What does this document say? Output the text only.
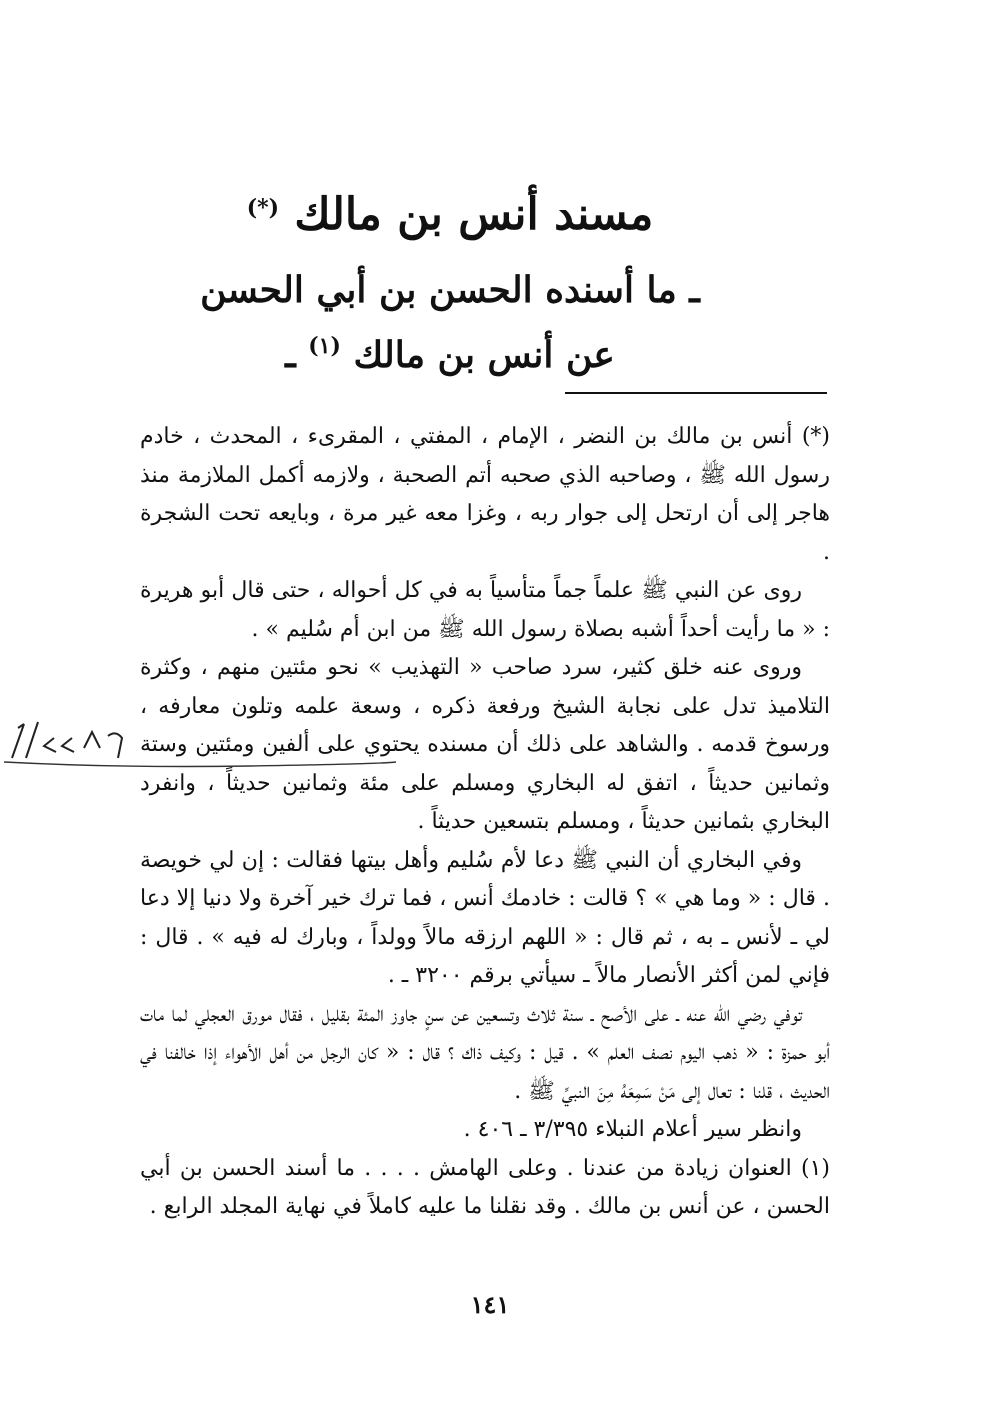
مسند أنس بن مالك (*)
ـ ما أسنده الحسن بن أبي الحسن
عن أنس بن مالك $^{(١)}$ ـ

(*) أنس بن مالك بن النضر ، الإمام ، المفتي ، المقرىء ، المحدث ، خادم رسول الله ﷺ ، وصاحبه الذي صحبه أتم الصحبة ، ولازمه أكمل الملازمة منذ هاجر إلى أن ارتحل إلى جوار ربه ، وغزا معه غير مرة ، وبايعه تحت الشجرة .

روى عن النبي ﷺ علماً جماً متأسياً به في كل أحواله ، حتى قال أبو هريرة : « ما رأيت أحداً أشبه بصلاة رسول الله ﷺ من ابن أم سُليم » .

وروى عنه خلق كثير، سرد صاحب « التهذيب » نحو مئتين منهم ، وكثرة التلاميذ تدل على نجابة الشيخ ورفعة ذكره ، وسعة علمه وتلون معارفه ، ورسوخ قدمه . والشاهد على ذلك أن مسنده يحتوي على ألفين ومئتين وستة وثمانين حديثاً ، اتفق له البخاري ومسلم على مئة وثمانين حديثاً ، وانفرد البخاري بثمانين حديثاً ، ومسلم بتسعين حديثاً .

وفي البخاري أن النبي ﷺ دعا لأم سُليم وأهل بيتها فقالت : إن لي خويصة . قال : « وما هي » ؟ قالت : خادمك أنس ، فما ترك خير آخرة ولا دنيا إلا دعا لي ـ لأنس ـ به ، ثم قال : « اللهم ارزقه مالاً وولداً ، وبارك له فيه » . قال : فإني لمن أكثر الأنصار مالاً ـ سيأتي برقم ٣٢٠٠ ـ .

توفي رضي الله عنه ـ على الأصح ـ سنة ثلاث وتسعين عن سنٍ جاوز المئة بقليل ، فقال مورق العجلي لما مات أبو حمزة : « ذهب اليوم نصف العلم » . قيل : وكيف ذاك ؟ قال : « كان الرجل من أهل الأهواء إذا خالفنا في الحديث ، قلنا : تعال إلى مَنْ سَمِعَهُ مِنَ النبيِّ ﷺ .

وانظر سير أعلام النبلاء ٣/٣٩٥ ـ ٤٠٦ .

(١) العنوان زيادة من عندنا . وعلى الهامش . . . . ما أسند الحسن بن أبي الحسن ، عن أنس بن مالك . وقد نقلنا ما عليه كاملاً في نهاية المجلد الرابع .

١٤١
